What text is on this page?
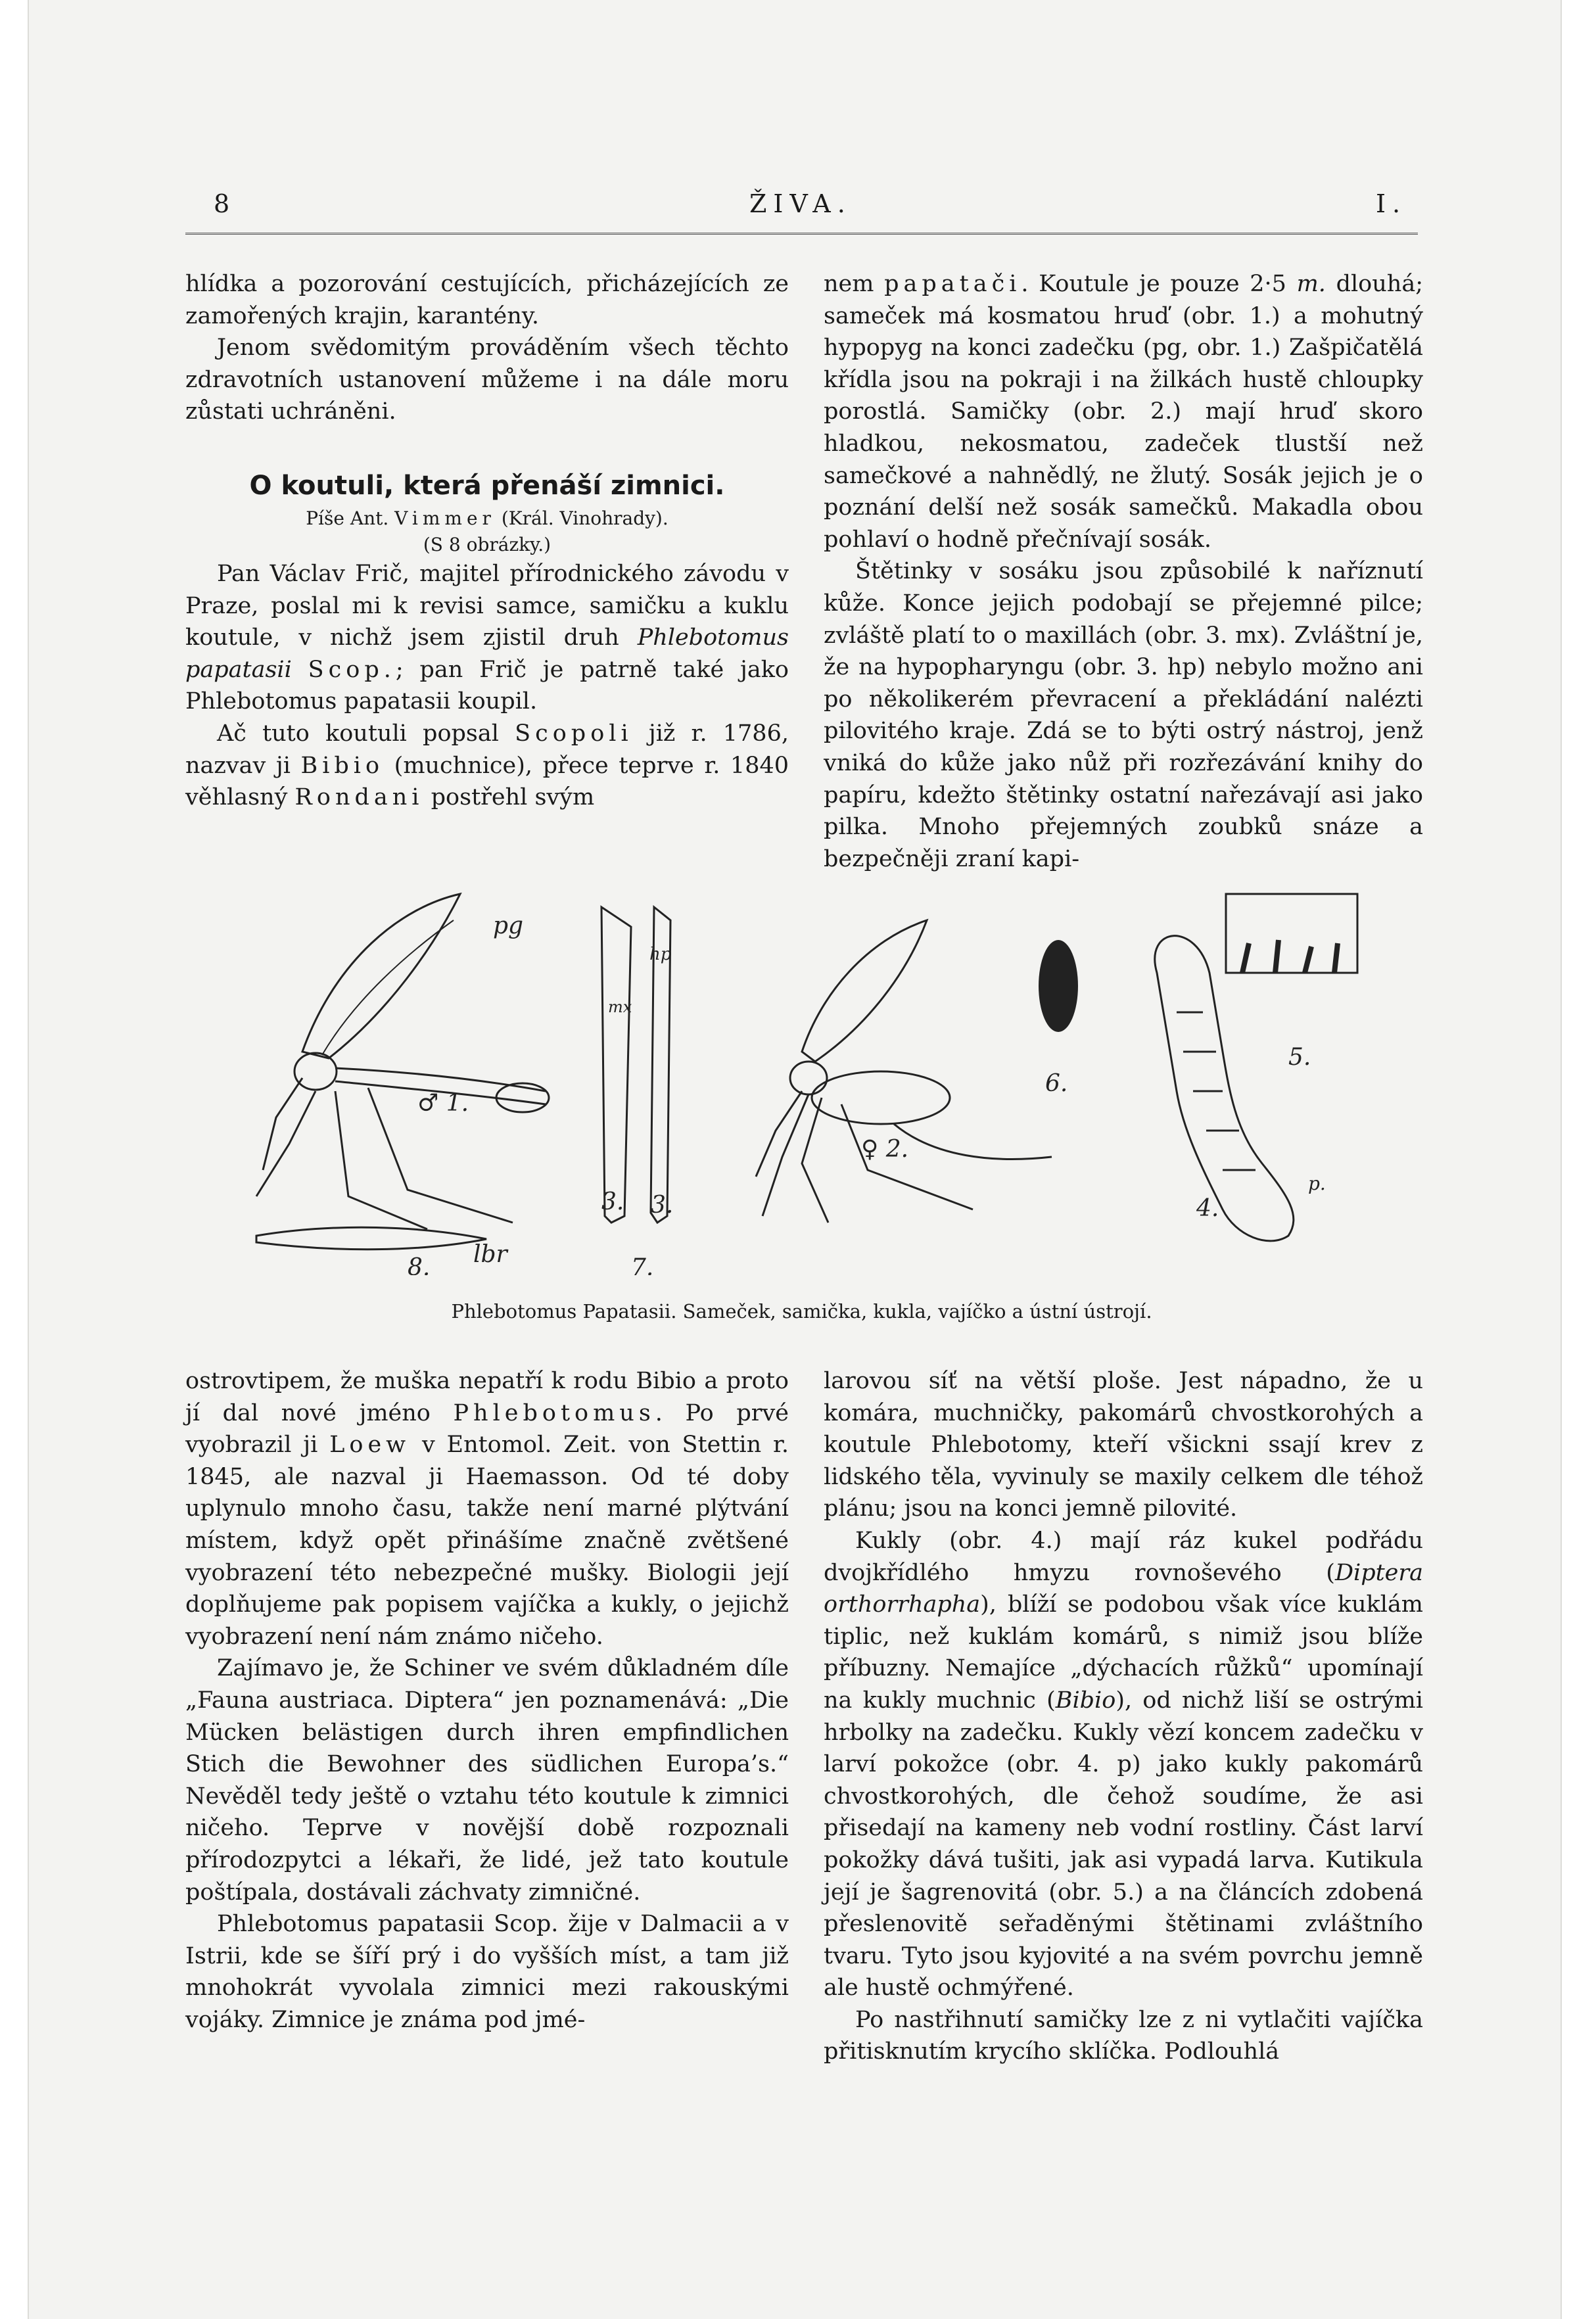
8	ŽIVA.	I.

hlídka a pozorování cestujících, přicházejících ze zamořených krajin, karantény.

Jenom svědomitým prováděním všech těchto zdravotních ustanovení můžeme i na dále moru zůstati uchráněni.

O koutuli, která přenáší zimnici.
Píše Ant. Vimmer (Král. Vinohrady).
(S 8 obrázky.)

Pan Václav Frič, majitel přírodnického závodu v Praze, poslal mi k revisi samce, samičku a kuklu koutule, v nichž jsem zjistil druh Phlebotomus papatasii Scop.; pan Frič je patrně také jako Phlebotomus papatasii koupil.

Ač tuto koutuli popsal Scopoli již r. 1786, nazvav ji Bibio (muchnice), přece teprve r. 1840 věhlasný Rondani postřehl svým

nem papatači. Koutule je pouze 2·5 m. dlouhá; sameček má kosmatou hruď (obr. 1.) a mohutný hypopyg na konci zadečku (pg, obr. 1.) Zašpičatělá křídla jsou na pokraji i na žilkách hustě chloupky porostlá. Samičky (obr. 2.) mají hruď skoro hladkou, nekosmatou, zadeček tlustší než samečkové a nahnědlý, ne žlutý. Sosák jejich je o poznání delší než sosák samečků. Makadla obou pohlaví o hodně přečnívají sosák.

Štětinky v sosáku jsou způsobilé k naříznutí kůže. Konce jejich podobají se přejemné pilce; zvláště platí to o maxillách (obr. 3. mx). Zvláštní je, že na hypopharyngu (obr. 3. hp) nebylo možno ani po několikerém převracení a překládání nalézti pilovitého kraje. Zdá se to býti ostrý nástroj, jenž vniká do kůže jako nůž při rozřezávání knihy do papíru, kdežto štětinky ostatní nařezávají asi jako pilka. Mnoho přejemných zoubků snáze a bezpečněji zraní kapi-

pg
♂ 1.
mx
hp
3. 3.
8. lbr	7.
6.
♀ 2.
4.
5.
p.
Phlebotomus Papatasii. Sameček, samička, kukla, vajíčko a ústní ústrojí.

ostrovtipem, že muška nepatří k rodu Bibio a proto jí dal nové jméno Phlebotomus. Po prvé vyobrazil ji Loew v Entomol. Zeit. von Stettin r. 1845, ale nazval ji Haemasson. Od té doby uplynulo mnoho času, takže není marné plýtvání místem, když opět přinášíme značně zvětšené vyobrazení této nebezpečné mušky. Biologii její doplňujeme pak popisem vajíčka a kukly, o jejichž vyobrazení není nám známo ničeho.

Zajímavo je, že Schiner ve svém důkladném díle „Fauna austriaca. Diptera“ jen poznamenává: „Die Mücken belästigen durch ihren empfindlichen Stich die Bewohner des südlichen Europa’s.“ Nevěděl tedy ještě o vztahu této koutule k zimnici ničeho. Teprve v novější době rozpoznali přírodozpytci a lékaři, že lidé, jež tato koutule poštípala, dostávali záchvaty zimničné.

Phlebotomus papatasii Scop. žije v Dalmacii a v Istrii, kde se šíří prý i do vyšších míst, a tam již mnohokrát vyvolala zimnici mezi rakouskými vojáky. Zimnice je známa pod jmé-

larovou síť na větší ploše. Jest nápadno, že u komára, muchničky, pakomárů chvostkorohých a koutule Phlebotomy, kteří všickni ssají krev z lidského těla, vyvinuly se maxily celkem dle téhož plánu; jsou na konci jemně pilovité.

Kukly (obr. 4.) mají ráz kukel podřádu dvojkřídlého hmyzu rovnoševého (Diptera orthorrhapha), blíží se podobou však více kuklám tiplic, než kuklám komárů, s nimiž jsou blíže příbuzny. Nemajíce „dýchacích růžků“ upomínají na kukly muchnic (Bibio), od nichž liší se ostrými hrbolky na zadečku. Kukly vězí koncem zadečku v larví pokožce (obr. 4. p) jako kukly pakomárů chvostkorohých, dle čehož soudíme, že asi přisedají na kameny neb vodní rostliny. Část larví pokožky dává tušiti, jak asi vypadá larva. Kutikula její je šagrenovitá (obr. 5.) a na článcích zdobená přeslenovitě seřaděnými štětinami zvláštního tvaru. Tyto jsou kyjovité a na svém povrchu jemně ale hustě ochmýřené.

Po nastřihnutí samičky lze z ni vytlačiti vajíčka přitisknutím krycího sklíčka. Podlouhlá
